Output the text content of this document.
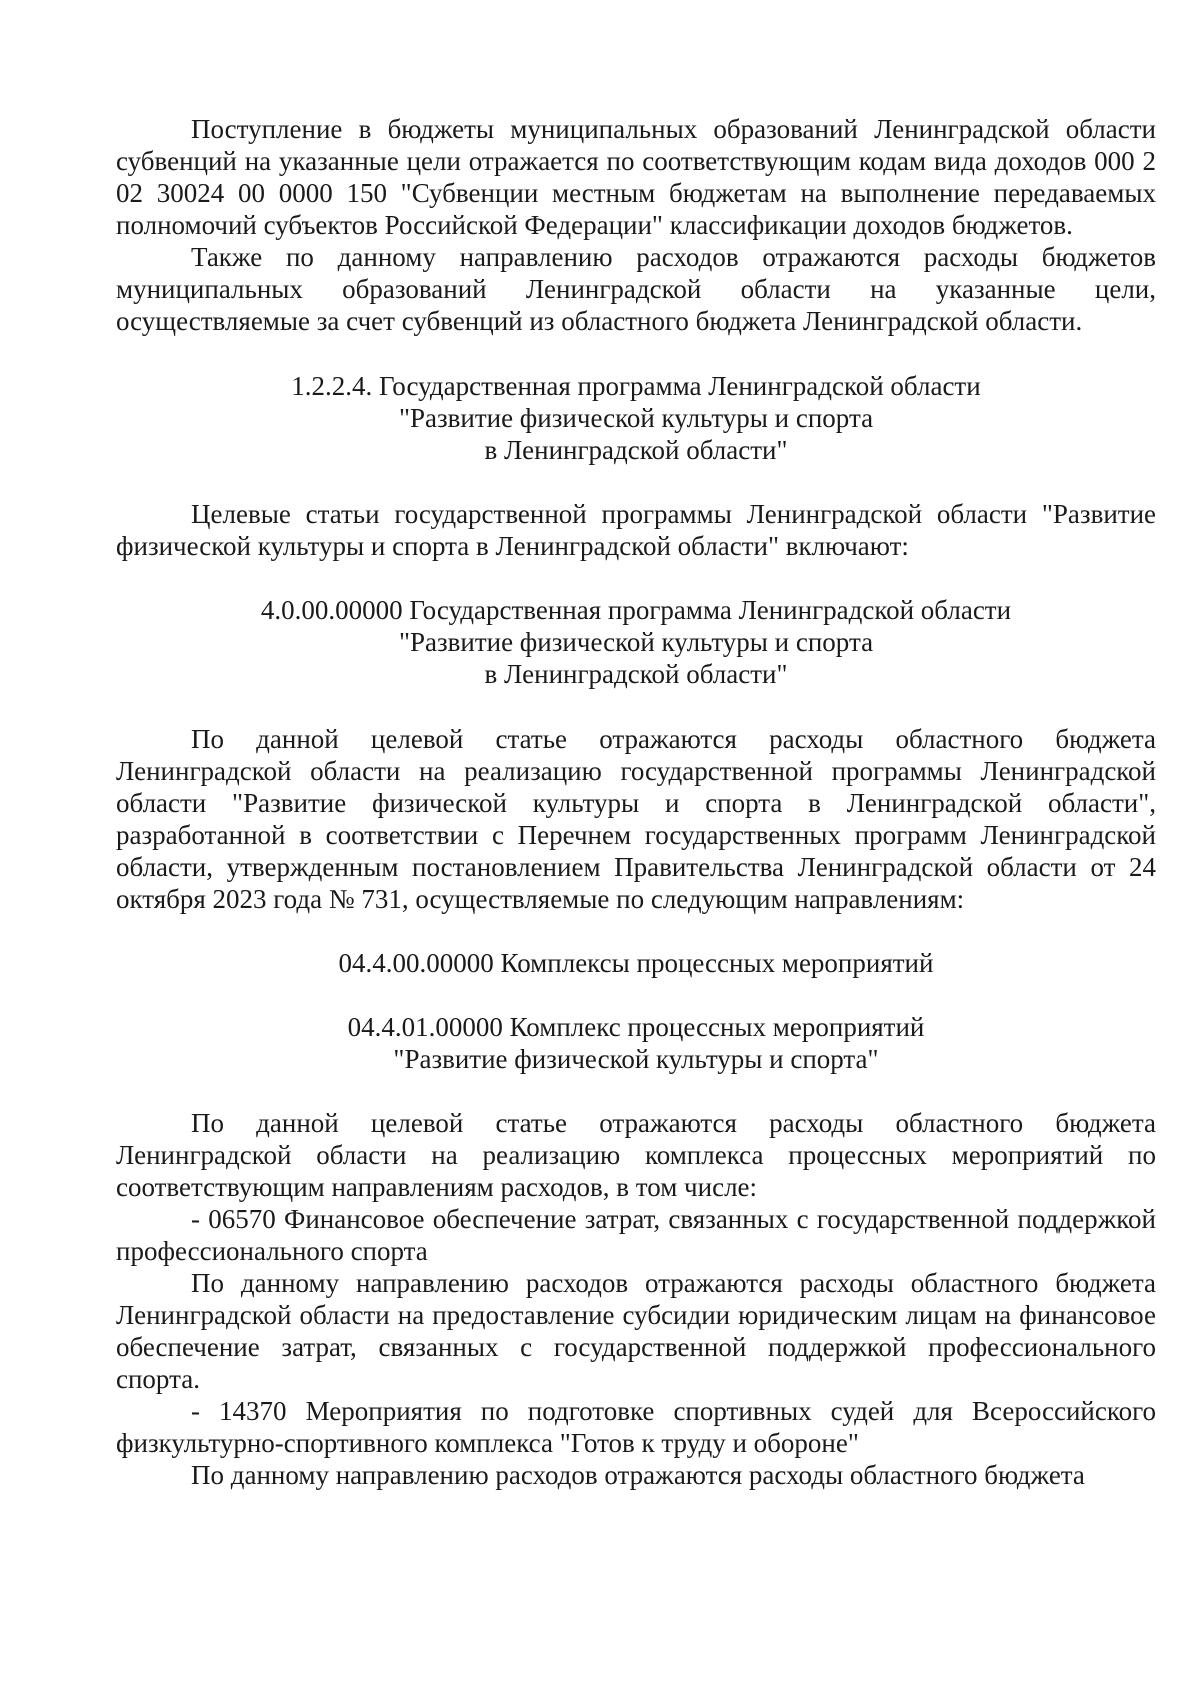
Поступление в бюджеты муниципальных образований Ленинградской области субвенций на указанные цели отражается по соответствующим кодам вида доходов 000 2 02 30024 00 0000 150 "Субвенции местным бюджетам на выполнение передаваемых полномочий субъектов Российской Федерации" классификации доходов бюджетов.

Также по данному направлению расходов отражаются расходы бюджетов муниципальных образований Ленинградской области на указанные цели, осуществляемые за счет субвенций из областного бюджета Ленинградской области.

1.2.2.4. Государственная программа Ленинградской области
"Развитие физической культуры и спорта
в Ленинградской области"

Целевые статьи государственной программы Ленинградской области "Развитие физической культуры и спорта в Ленинградской области" включают:

4.0.00.00000 Государственная программа Ленинградской области
"Развитие физической культуры и спорта
в Ленинградской области"

По данной целевой статье отражаются расходы областного бюджета Ленинградской области на реализацию государственной программы Ленинградской области "Развитие физической культуры и спорта в Ленинградской области", разработанной в соответствии с Перечнем государственных программ Ленинградской области, утвержденным постановлением Правительства Ленинградской области от 24 октября 2023 года № 731, осуществляемые по следующим направлениям:

04.4.00.00000 Комплексы процессных мероприятий
04.4.01.00000 Комплекс процессных мероприятий
"Развитие физической культуры и спорта"

По данной целевой статье отражаются расходы областного бюджета Ленинградской области на реализацию комплекса процессных мероприятий по соответствующим направлениям расходов, в том числе:

- 06570 Финансовое обеспечение затрат, связанных с государственной поддержкой профессионального спорта

По данному направлению расходов отражаются расходы областного бюджета Ленинградской области на предоставление субсидии юридическим лицам на финансовое обеспечение затрат, связанных с государственной поддержкой профессионального спорта.

- 14370 Мероприятия по подготовке спортивных судей для Всероссийского физкультурно-спортивного комплекса "Готов к труду и обороне"

По данному направлению расходов отражаются расходы областного бюджета
